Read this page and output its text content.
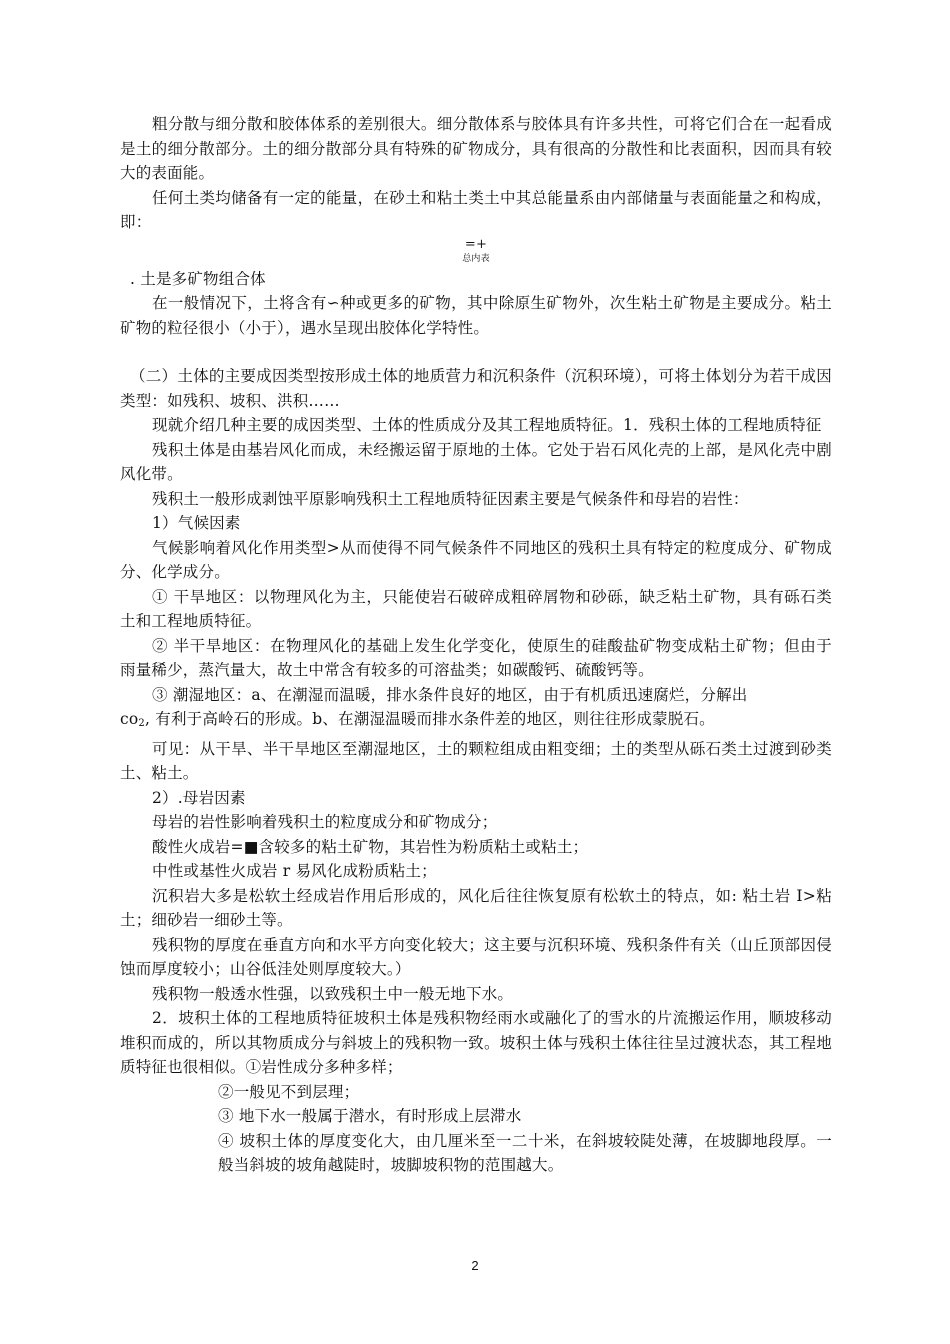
粗分散与细分散和胶体体系的差别很大。细分散体系与胶体具有许多共性，可将它们合在一起看成是土的细分散部分。土的细分散部分具有特殊的矿物成分，具有很高的分散性和比表面积，因而具有较大的表面能。

任何土类均储备有一定的能量，在砂土和粘土类土中其总能量系由内部储量与表面能量之和构成，即：

=+

总内表

. 土是多矿物组合体

在一般情况下，土将含有∽种或更多的矿物，其中除原生矿物外，次生粘土矿物是主要成分。粘土矿物的粒径很小（小于），遇水呈现出胶体化学特性。

（二）土体的主要成因类型按形成土体的地质营力和沉积条件（沉积环境），可将土体划分为若干成因类型：如残积、坡积、洪积……

现就介绍几种主要的成因类型、土体的性质成分及其工程地质特征。1．残积土体的工程地质特征

残积土体是由基岩风化而成，未经搬运留于原地的土体。它处于岩石风化壳的上部，是风化壳中剧风化带。

残积土一般形成剥蚀平原影响残积土工程地质特征因素主要是气候条件和母岩的岩性：

1）气候因素

气候影响着风化作用类型>从而使得不同气候条件不同地区的残积土具有特定的粒度成分、矿物成分、化学成分。

① 干旱地区：以物理风化为主，只能使岩石破碎成粗碎屑物和砂砾，缺乏粘土矿物，具有砾石类土和工程地质特征。

② 半干旱地区：在物理风化的基础上发生化学变化，使原生的硅酸盐矿物变成粘土矿物；但由于雨量稀少，蒸汽量大，故土中常含有较多的可溶盐类；如碳酸钙、硫酸钙等。

③ 潮湿地区：a、在潮湿而温暖，排水条件良好的地区，由于有机质迅速腐烂，分解出
$co_2$, 有利于高岭石的形成。b、在潮湿温暖而排水条件差的地区，则往往形成蒙脱石。

可见：从干旱、半干旱地区至潮湿地区，土的颗粒组成由粗变细；土的类型从砾石类土过渡到砂类土、粘土。

2）.母岩因素

母岩的岩性影响着残积土的粒度成分和矿物成分；

酸性火成岩=■含较多的粘土矿物，其岩性为粉质粘土或粘土；

中性或基性火成岩 r 易风化成粉质粘土；

沉积岩大多是松软土经成岩作用后形成的，风化后往往恢复原有松软土的特点，如: 粘土岩 I>粘土；细砂岩一细砂土等。

残积物的厚度在垂直方向和水平方向变化较大；这主要与沉积环境、残积条件有关（山丘顶部因侵蚀而厚度较小；山谷低洼处则厚度较大。）

残积物一般透水性强，以致残积土中一般无地下水。

2．坡积土体的工程地质特征坡积土体是残积物经雨水或融化了的雪水的片流搬运作用，顺坡移动堆积而成的，所以其物质成分与斜坡上的残积物一致。坡积土体与残积土体往往呈过渡状态，其工程地质特征也很相似。①岩性成分多种多样；

②一般见不到层理；

③ 地下水一般属于潜水，有时形成上层滞水

④ 坡积土体的厚度变化大，由几厘米至一二十米，在斜坡较陡处薄，在坡脚地段厚。一般当斜坡的坡角越陡时，坡脚坡积物的范围越大。

2
